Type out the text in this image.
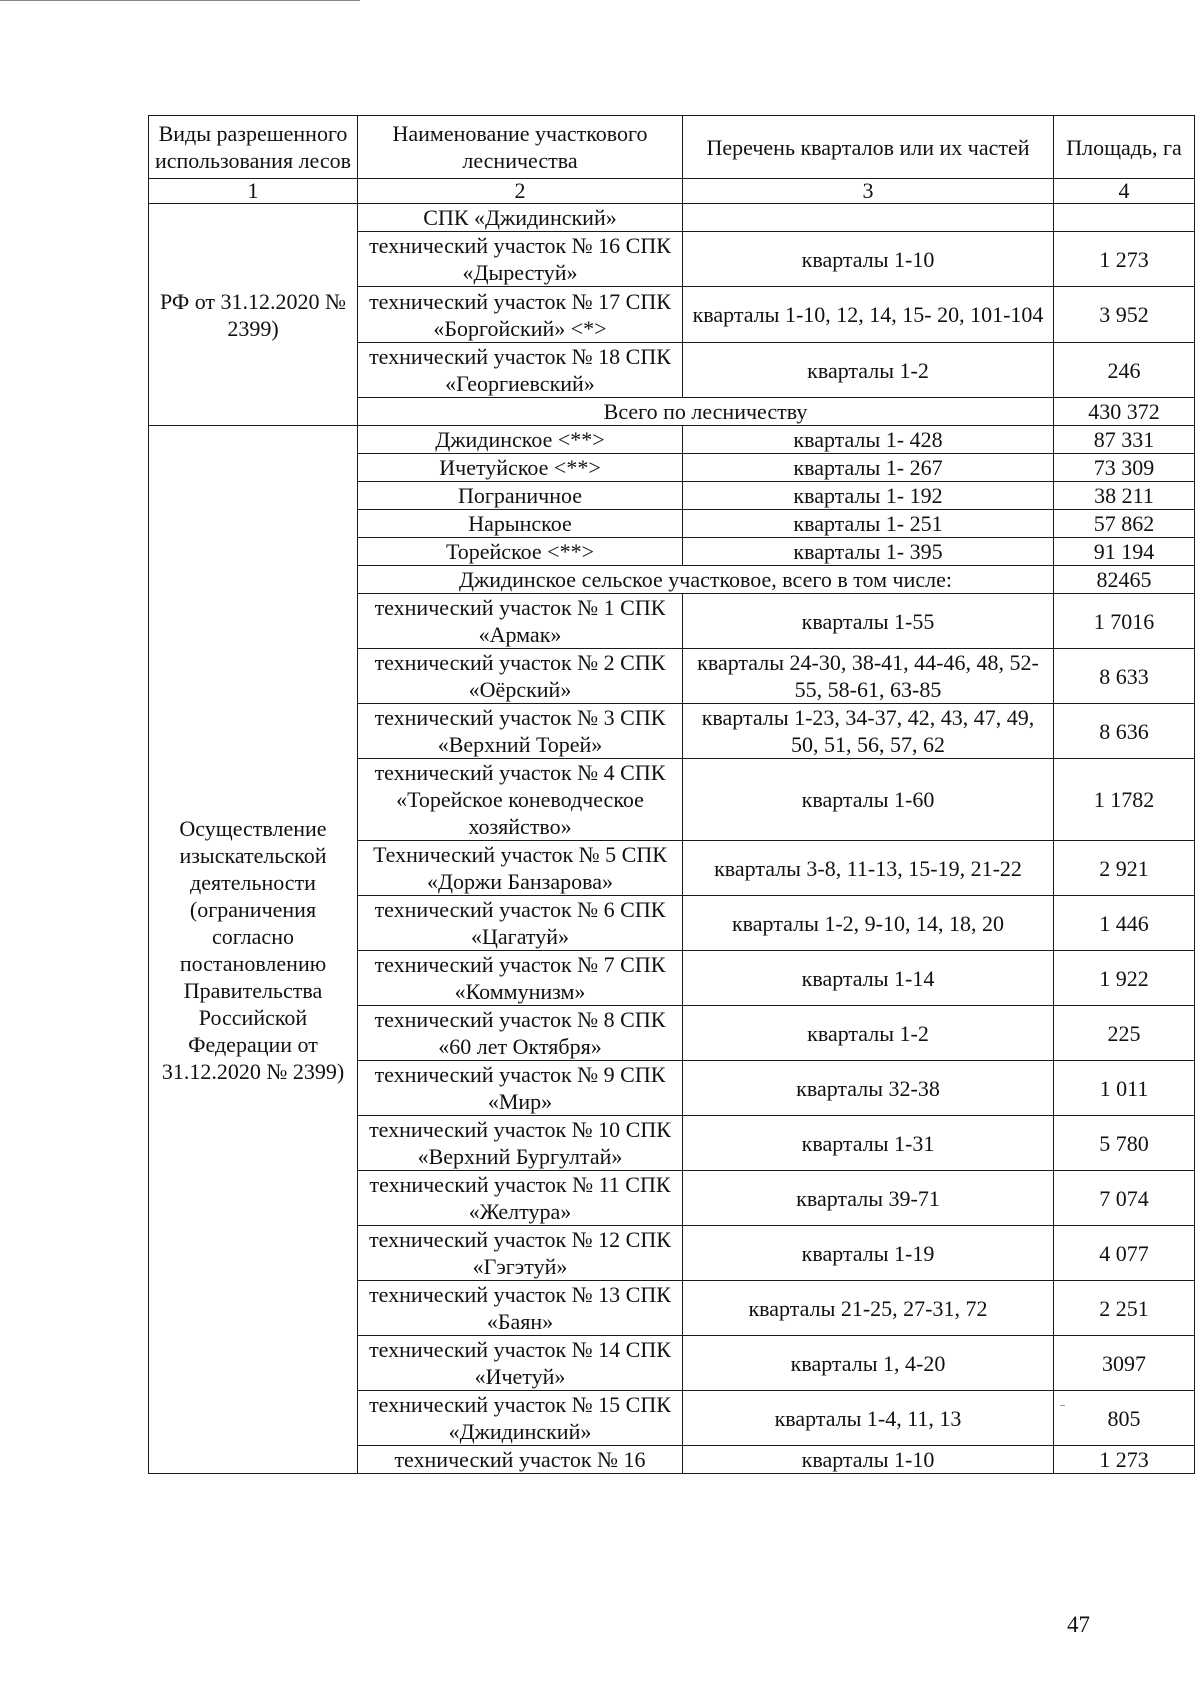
Виды разрешенного использования лесов	Наименование участкового лесничества	Перечень кварталов или их частей	Площадь, га
1	2	3	4
РФ от 31.12.2020 № 2399)	СПК «Джидинский»		
	технический участок № 16 СПК «Дырестуй»	кварталы 1-10	1 273
	технический участок № 17 СПК «Боргойский» <*>	кварталы 1-10, 12, 14, 15- 20, 101-104	3 952
	технический участок № 18 СПК «Георгиевский»	кварталы 1-2	246
	Всего по лесничеству		430 372
Осуществление изыскательской деятельности (ограничения согласно постановлению Правительства Российской Федерации от 31.12.2020 № 2399)	Джидинское <**>	кварталы 1- 428	87 331
	Ичетуйское <**>	кварталы 1- 267	73 309
	Пограничное	кварталы 1- 192	38 211
	Нарынское	кварталы 1- 251	57 862
	Торейское <**>	кварталы 1- 395	91 194
	Джидинское сельское участковое, всего в том числе:		82465
	технический участок № 1 СПК «Армак»	кварталы 1-55	1 7016
	технический участок № 2 СПК «Оёрский»	кварталы 24-30, 38-41, 44-46, 48, 52-55, 58-61, 63-85	8 633
	технический участок № 3 СПК «Верхний Торей»	кварталы 1-23, 34-37, 42, 43, 47, 49, 50, 51, 56, 57, 62	8 636
	технический участок № 4 СПК «Торейское коневодческое хозяйство»	кварталы 1-60	1 1782
	Технический участок № 5 СПК «Доржи Банзарова»	кварталы 3-8, 11-13, 15-19, 21-22	2 921
	технический участок № 6 СПК «Цагатуй»	кварталы 1-2, 9-10, 14, 18, 20	1 446
	технический участок № 7 СПК «Коммунизм»	кварталы 1-14	1 922
	технический участок № 8 СПК «60 лет Октября»	кварталы 1-2	225
	технический участок № 9 СПК «Мир»	кварталы 32-38	1 011
	технический участок № 10 СПК «Верхний Бургултай»	кварталы 1-31	5 780
	технический участок № 11 СПК «Желтура»	кварталы 39-71	7 074
	технический участок № 12 СПК «Гэгэтуй»	кварталы 1-19	4 077
	технический участок № 13 СПК «Баян»	кварталы 21-25, 27-31, 72	2 251
	технический участок № 14 СПК «Ичетуй»	кварталы 1, 4-20	3097
	технический участок № 15 СПК «Джидинский»	кварталы 1-4, 11, 13	805
	технический участок № 16	кварталы 1-10	1 273
47
